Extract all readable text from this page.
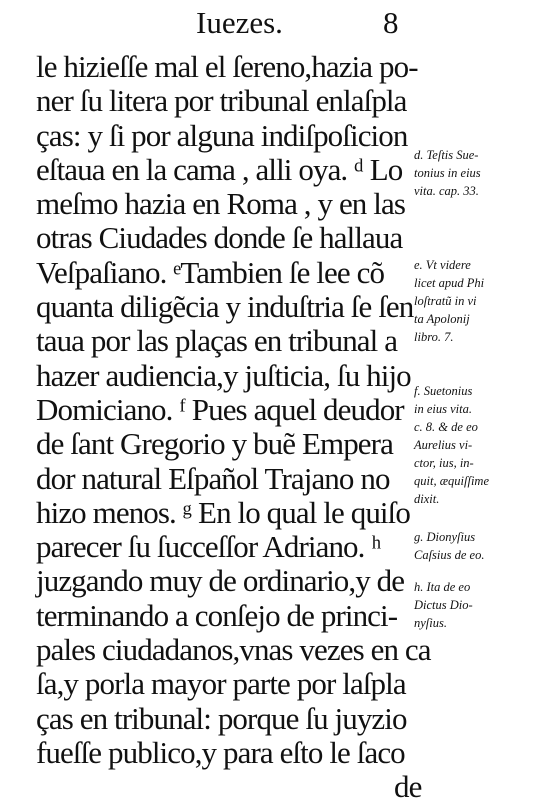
Iuezes.	8
le hizieſſe mal el ſereno,hazia po-
ner ſu litera por tribunal enlaſpla
ças: y ſi por alguna indiſpoſicion
eſtaua en la cama , alli oya. ᵈ Lo
meſmo hazia en Roma , y en las
otras Ciudades donde ſe hallaua
Veſpaſiano. ᵉTambien ſe lee cõ
quanta diligẽcia y induſtria ſe ſen
taua por las plaças en tribunal a
hazer audiencia,y juſticia, ſu hijo
Domiciano. ᶠ Pues aquel deudor
de ſant Gregorio y buẽ Empera
dor natural Eſpañol Trajano no
hizo menos. ᵍ En lo qual le quiſo
parecer ſu ſucceſſor Adriano. ʰ
juzgando muy de ordinario,y de
terminando a conſejo de princi-
pales ciudadanos,vnas vezes en ca
ſa,y porla mayor parte por laſpla
ças en tribunal: porque ſu juyzio
fueſſe publico,y para eſto le ſaco
de
d. Teſtis Sue-
tonius in eius
vita. cap. 33.
e. Vt videre
licet apud Phi
loſtratũ in vi
ta Apolonij
libro. 7.
f. Suetonius
in eius vita.
c. 8. & de eo
Aurelius vi-
ctor, ius, in-
quit, æquiſſime
dixit.
g. Dionyſius
Caſsius de eo.
h. Ita de eo
Dictus Dio-
nyſius.
